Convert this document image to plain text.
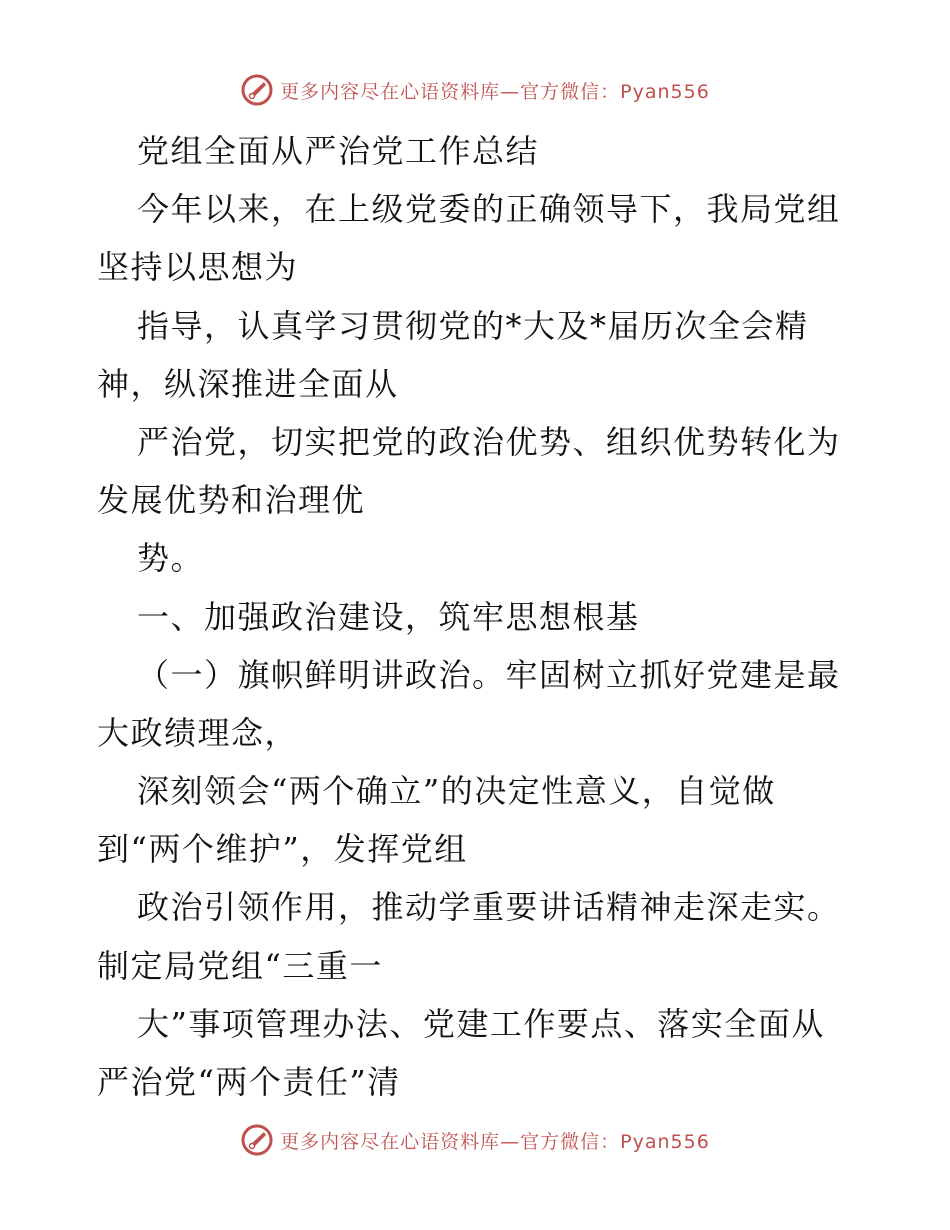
更多内容尽在心语资料库—官方微信：Pyan556
党组全面从严治党工作总结
今年以来，在上级党委的正确领导下，我局党组
坚持以思想为
指导，认真学习贯彻党的*大及*届历次全会精
神，纵深推进全面从
严治党，切实把党的政治优势、组织优势转化为
发展优势和治理优
势。
一、加强政治建设，筑牢思想根基
（一）旗帜鲜明讲政治。牢固树立抓好党建是最
大政绩理念，
深刻领会“两个确立”的决定性意义，自觉做
到“两个维护”，发挥党组
政治引领作用，推动学重要讲话精神走深走实。
制定局党组“三重一
大”事项管理办法、党建工作要点、落实全面从
严治党“两个责任”清
更多内容尽在心语资料库—官方微信：Pyan556
